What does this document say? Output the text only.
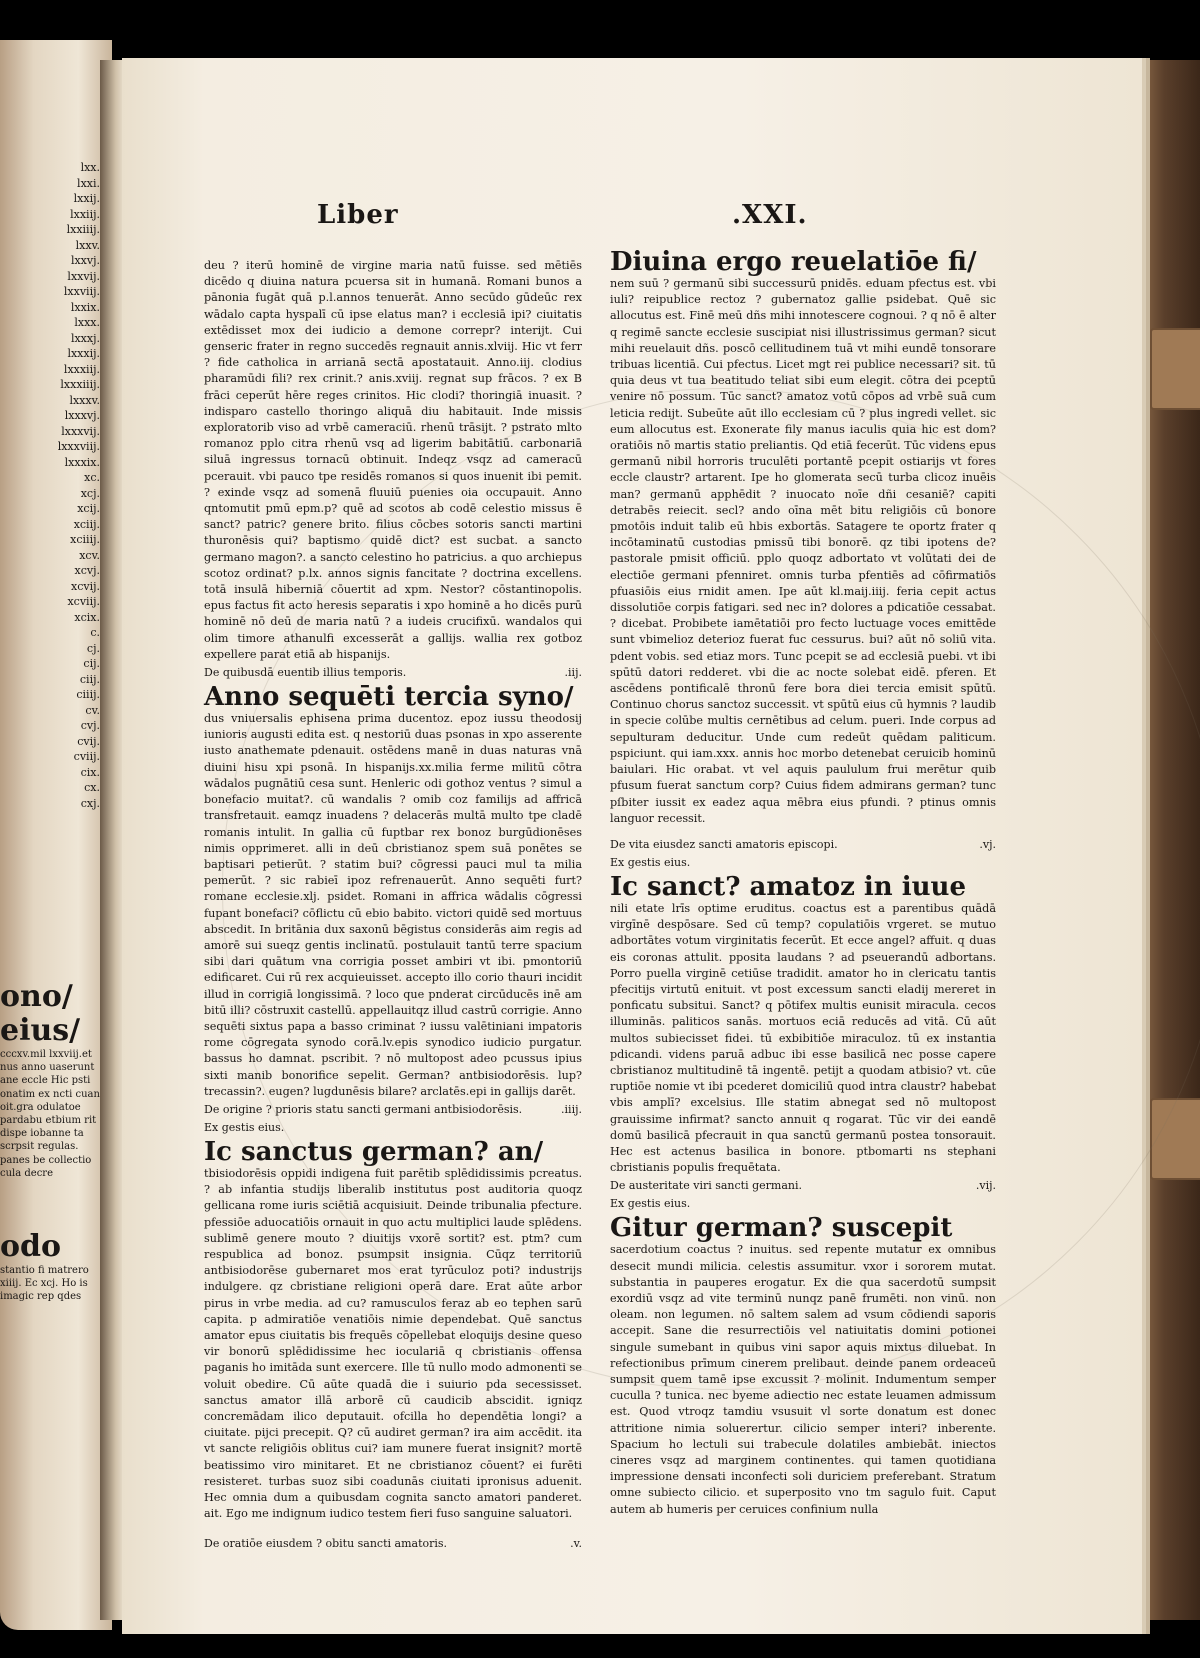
lxx.
lxxi.
lxxij.
lxxiij.
lxxiiij.
lxxv.
lxxvj.
lxxvij.
lxxviij.
lxxix.
lxxx.
lxxxj.
lxxxij.
lxxxiij.
lxxxiiij.
lxxxv.
lxxxvj.
lxxxvij.
lxxxviij.
lxxxix.
xc.
xcj.
xcij.
xciij.
xciiij.
xcv.
xcvj.
xcvij.
xcviij.
xcix.
c.
cj.
cij.
ciij.
ciiij.
cv.
cvj.
cvij.
cviij.
cix.
cx.
cxj.
ono/
eius/
cccxv.mil lxxviij.et nus anno uaserunt ane eccle Hic psti onatim ex ncti cuan oit.gra odulatoe pardabu etbium rit dispe iobanne ta scrpsit regulas. panes be collectio cula decre
odo
stantio fi matrero xiiij. Ec xcj. Ho is imagic rep qdes
Liber	.XXI.

deu ? iterū hominē de virgine maria natū fuisse. sed mētiēs dicēdo q diuina natura pcuersa sit in humanā. Romani bunos a pānonia fugāt quā p.l.annos tenuerāt. Anno secūdo gūdeūc rex wādalo capta hyspalī cū ipse elatus man? i ecclesiā ipi? ciuitatis extēdisset mox dei iudicio a demone correpr? interijt. Cui genseric frater in regno succedēs regnauit annis.xlviij. Hic vt ferr ? fide catholica in arrianā sectā apostatauit. Anno.iij. clodius pharamūdi fili? rex crinit.? anis.xviij. regnat sup frācos. ? ex B frāci ceperūt hēre reges crinitos. Hic clodi? thoringiā inuasit. ? indisparo castello thoringo aliquā diu habitauit. Inde missis exploratorib viso ad vrbē cameraciū. rhenū trāsijt. ? pstrato mlto romanoz pplo citra rhenū vsq ad ligerim babitātiū. carbonariā siluā ingressus tornacū obtinuit. Indeqz vsqz ad cameracū pcerauit. vbi pauco tpe residēs romanos si quos inuenit ibi pemit. ? exinde vsqz ad somenā fluuiū puenies oia occupauit. Anno qntomutit pmū epm.p? quē ad scotos ab codē celestio missus ē sanct? patric? genere brito. filius cōcbes sotoris sancti martini thuronēsis qui? baptismo quidē dict? est sucbat. a sancto germano magon?. a sancto celestino ho patricius. a quo archiepus scotoz ordinat? p.lx. annos signis fancitate ? doctrina excellens. totā insulā hiberniā cōuertit ad xpm. Nestor? cōstantinopolis. epus factus fit acto heresis separatis i xpo hominē a ho dicēs purū hominē nō deū de maria natū ? a iudeis crucifixū. wandalos qui olim timore athanulfi excesserāt a gallijs. wallia rex gotboz expellere parat etiā ab hispanijs.

De quibusdā euentib illius temporis.	.iij.

Anno sequēti tercia syno/

dus vniuersalis ephisena prima ducentoz. epoz iussu theodosij iunioris augusti edita est. q nestoriū duas psonas in xpo asserente iusto anathemate pdenauit. ostēdens manē in duas naturas vnā diuini hisu xpi psonā. In hispanijs.xx.milia ferme militū cōtra wādalos pugnātiū cesa sunt. Henleric odi gothoz ventus ? simul a bonefacio muitat?. cū wandalis ? omib coz familijs ad affricā transfretauit. eamqz inuadens ? delacerās multā multo tpe cladē romanis intulit. In gallia cū fuptbar rex bonoz burgūdionēses nimis opprimeret. alli in deū cbristianoz spem suā ponētes se baptisari petierūt. ? statim bui? cōgressi pauci mul ta milia pemerūt. ? sic rabieī ipoz refrenauerūt. Anno sequēti furt? romane ecclesie.xlj. psidet. Romani in affrica wādalis cōgressi fupant bonefaci? cōflictu cū ebio babito. victori quidē sed mortuus abscedit. In britānia dux saxonū bēgistus considerās aim regis ad amorē sui sueqz gentis inclinatū. postulauit tantū terre spacium sibi dari quātum vna corrigia posset ambiri vt ibi. pmontoriū edificaret. Cui rū rex acquieuisset. accepto illo corio thauri incidit illud in corrigiā longissimā. ? loco que pnderat circūducēs inē am bitū illi? cōstruxit castellū. appellauitqz illud castrū corrigie. Anno sequēti sixtus papa a basso criminat ? iussu valētiniani impatoris rome cōgregata synodo corā.lv.epis synodico iudicio purgatur. bassus ho damnat. pscribit. ? nō multopost adeo pcussus ipius sixti manib bonorifice sepelit. German? antbisiodorēsis. lup? trecassin?. eugen? lugdunēsis bilare? arclatēs.epi in gallijs darēt.

De origine ? prioris statu sancti germani antbisiodorēsis.	.iiij.

Ex gestis eius.

Ic sanctus german? an/

tbisiodorēsis oppidi indigena fuit parētib splēdidissimis pcreatus. ? ab infantia studijs liberalib institutus post auditoria quoqz gellicana rome iuris sciētiā acquisiuit. Deinde tribunalia pfecture. pfessiōe aduocatiōis ornauit in quo actu multiplici laude splēdens. sublimē genere mouto ? diuitijs vxorē sortit? est. ptm? cum respublica ad bonoz. psumpsit insignia. Cūqz territoriū antbisiodorēse gubernaret mos erat tyrūculoz poti? industrijs indulgere. qz cbristiane religioni operā dare. Erat aūte arbor pirus in vrbe media. ad cu? ramusculos feraz ab eo tephen sarū capita. p admiratiōe venatiōis nimie dependebat. Quē sanctus amator epus ciuitatis bis frequēs cōpellebat eloquijs desine queso vir bonorū splēdidissime hec ioculariā q cbristianis offensa paganis ho imitāda sunt exercere. Ille tū nullo modo admonenti se voluit obedire. Cū aūte quadā die i suiurio pda secessisset. sanctus amator illā arborē cū caudicib abscidit. igniqz concremādam ilico deputauit. ofcilla ho dependētia longi? a ciuitate. pijci precepit. Q? cū audiret german? ira aim accēdit. ita vt sancte religiōis oblitus cui? iam munere fuerat insignit? mortē beatissimo viro minitaret. Et ne cbristianoz cōuent? ei furēti resisteret. turbas suoz sibi coadunās ciuitati ipronisus aduenit. Hec omnia dum a quibusdam cognita sancto amatori panderet. ait. Ego me indignum iudico testem fieri fuso sanguine saluatori.

De oratiōe eiusdem ? obitu sancti amatoris.	.v.

Diuina ergo reuelatiōe fi/

nem suū ? germanū sibi successurū pnidēs. eduam pfectus est. vbi iuli? reipublice rectoz ? gubernatoz gallie psidebat. Quē sic allocutus est. Finē meū dñs mihi innotescere cognoui. ? q nō ē alter q regimē sancte ecclesie suscipiat nisi illustrissimus german? sicut mihi reuelauit dñs. poscō cellitudinem tuā vt mihi eundē tonsorare tribuas licentiā. Cui pfectus. Licet mgt rei publice necessari? sit. tū quia deus vt tua beatitudo teliat sibi eum elegit. cōtra dei pceptū venire nō possum. Tūc sanct? amatoz votū cōpos ad vrbē suā cum leticia redijt. Subeūte aūt illo ecclesiam cū ? plus ingredi vellet. sic eum allocutus est. Exonerate fily manus iaculis quia hic est dom? oratiōis nō martis statio preliantis. Qd etiā fecerūt. Tūc videns epus germanū nibil horroris truculēti portantē pcepit ostiarijs vt fores eccle claustr? artarent. Ipe ho glomerata secū turba clicoz inuēis man? germanū apphēdit ? inuocato noīe dñi cesaniē? capiti detrabēs reiecit. secl? ando oīna mēt bitu religiōis cū bonore pmotōis induit talib eū hbis exbortās. Satagere te oportz frater q incōtaminatū custodias pmissū tibi bonorē. qz tibi ipotens de? pastorale pmisit officiū. pplo quoqz adbortato vt volūtati dei de electiōe germani pfenniret. omnis turba pfentiēs ad cōfirmatiōs pfuasiōis eius rnidit amen. Ipe aūt kl.maij.iiij. feria cepit actus dissolutiōe corpis fatigari. sed nec in? dolores a pdicatiōe cessabat. ? dicebat. Probibete iamētatiōi pro fecto luctuage voces emittēde sunt vbimelioz deterioz fuerat fuc cessurus. bui? aūt nō soliū vita. pdent vobis. sed etiaz mors. Tunc pcepit se ad ecclesiā puebi. vt ibi spūtū datori redderet. vbi die ac nocte solebat eidē. pferen. Et ascēdens pontificalē thronū fere bora diei tercia emisit spūtū. Continuo chorus sanctoz successit. vt spūtū eius cū hymnis ? laudib in specie colūbe multis cernētibus ad celum. pueri. Inde corpus ad sepulturam deducitur. Unde cum redeūt quēdam paliticum. pspiciunt. qui iam.xxx. annis hoc morbo detenebat ceruicib hominū baiulari. Hic orabat. vt vel aquis paululum frui merētur quib pfusum fuerat sanctum corp? Cuius fidem admirans german? tunc pſbiter iussit ex eadez aqua mēbra eius pfundi. ? ptinus omnis languor recessit.

De vita eiusdez sancti amatoris episcopi.	.vj.

Ex gestis eius.

Ic sanct? amatoz in iuue

nili etate lrīs optime eruditus. coactus est a parentibus quādā virgīnē despōsare. Sed cū temp? copulatiōis vrgeret. se mutuo adbortātes votum virginitatis fecerūt. Et ecce angel? affuit. q duas eis coronas attulit. pposita laudans ? ad pseuerandū adbortans. Porro puella virginē cetiūse tradidit. amator ho in clericatu tantis pfecitijs virtutū enituit. vt post excessum sancti eladij mereret in ponficatu subsitui. Sanct? q pōtifex multis eunisit miracula. cecos illuminās. paliticos sanās. mortuos eciā reducēs ad vitā. Cū aūt multos subiecisset fidei. tū exbibitiōe miraculoz. tū ex instantia pdicandi. videns paruā adbuc ibi esse basilicā nec posse capere cbristianoz multitudinē tā ingentē. petijt a quodam atbisio? vt. cūe ruptiōe nomie vt ibi pcederet domiciliū quod intra claustr? habebat vbis amplī? excelsius. Ille statim abnegat sed nō multopost grauissime infirmat? sancto annuit q rogarat. Tūc vir dei eandē domū basilicā pfecrauit in qua sanctū germanū postea tonsorauit. Hec est actenus basilica in bonore. ptbomarti ns stephani cbristianis populis frequētata.

De austeritate viri sancti germani.	.vij.

Ex gestis eius.

Gitur german? suscepit

sacerdotium coactus ? inuitus. sed repente mutatur ex omnibus desecit mundi milicia. celestis assumitur. vxor i sororem mutat. substantia in pauperes erogatur. Ex die qua sacerdotū sumpsit exordiū vsqz ad vite terminū nunqz panē frumēti. non vinū. non oleam. non legumen. nō saltem salem ad vsum cōdiendi saporis accepit. Sane die resurrectiōis vel natiuitatis domini potionei singule sumebant in quibus vini sapor aquis mixtus diluebat. In refectionibus prīmum cinerem prelibaut. deinde panem ordeaceū sumpsit quem tamē ipse excussit ? molinit. Indumentum semper cuculla ? tunica. nec byeme adiectio nec estate leuamen admissum est. Quod vtroqz tamdiu vsusuit vl sorte donatum est donec attritione nimia soluerertur. cilicio semper interi? inberente. Spacium ho lectuli sui trabecule dolatiles ambiebāt. iniectos cineres vsqz ad marginem continentes. qui tamen quotidiana impressione densati inconfecti soli duriciem preferebant. Stratum omne subiecto cilicio. et superposito vno tm sagulo fuit. Caput autem ab humeris per ceruices confinium nulla
